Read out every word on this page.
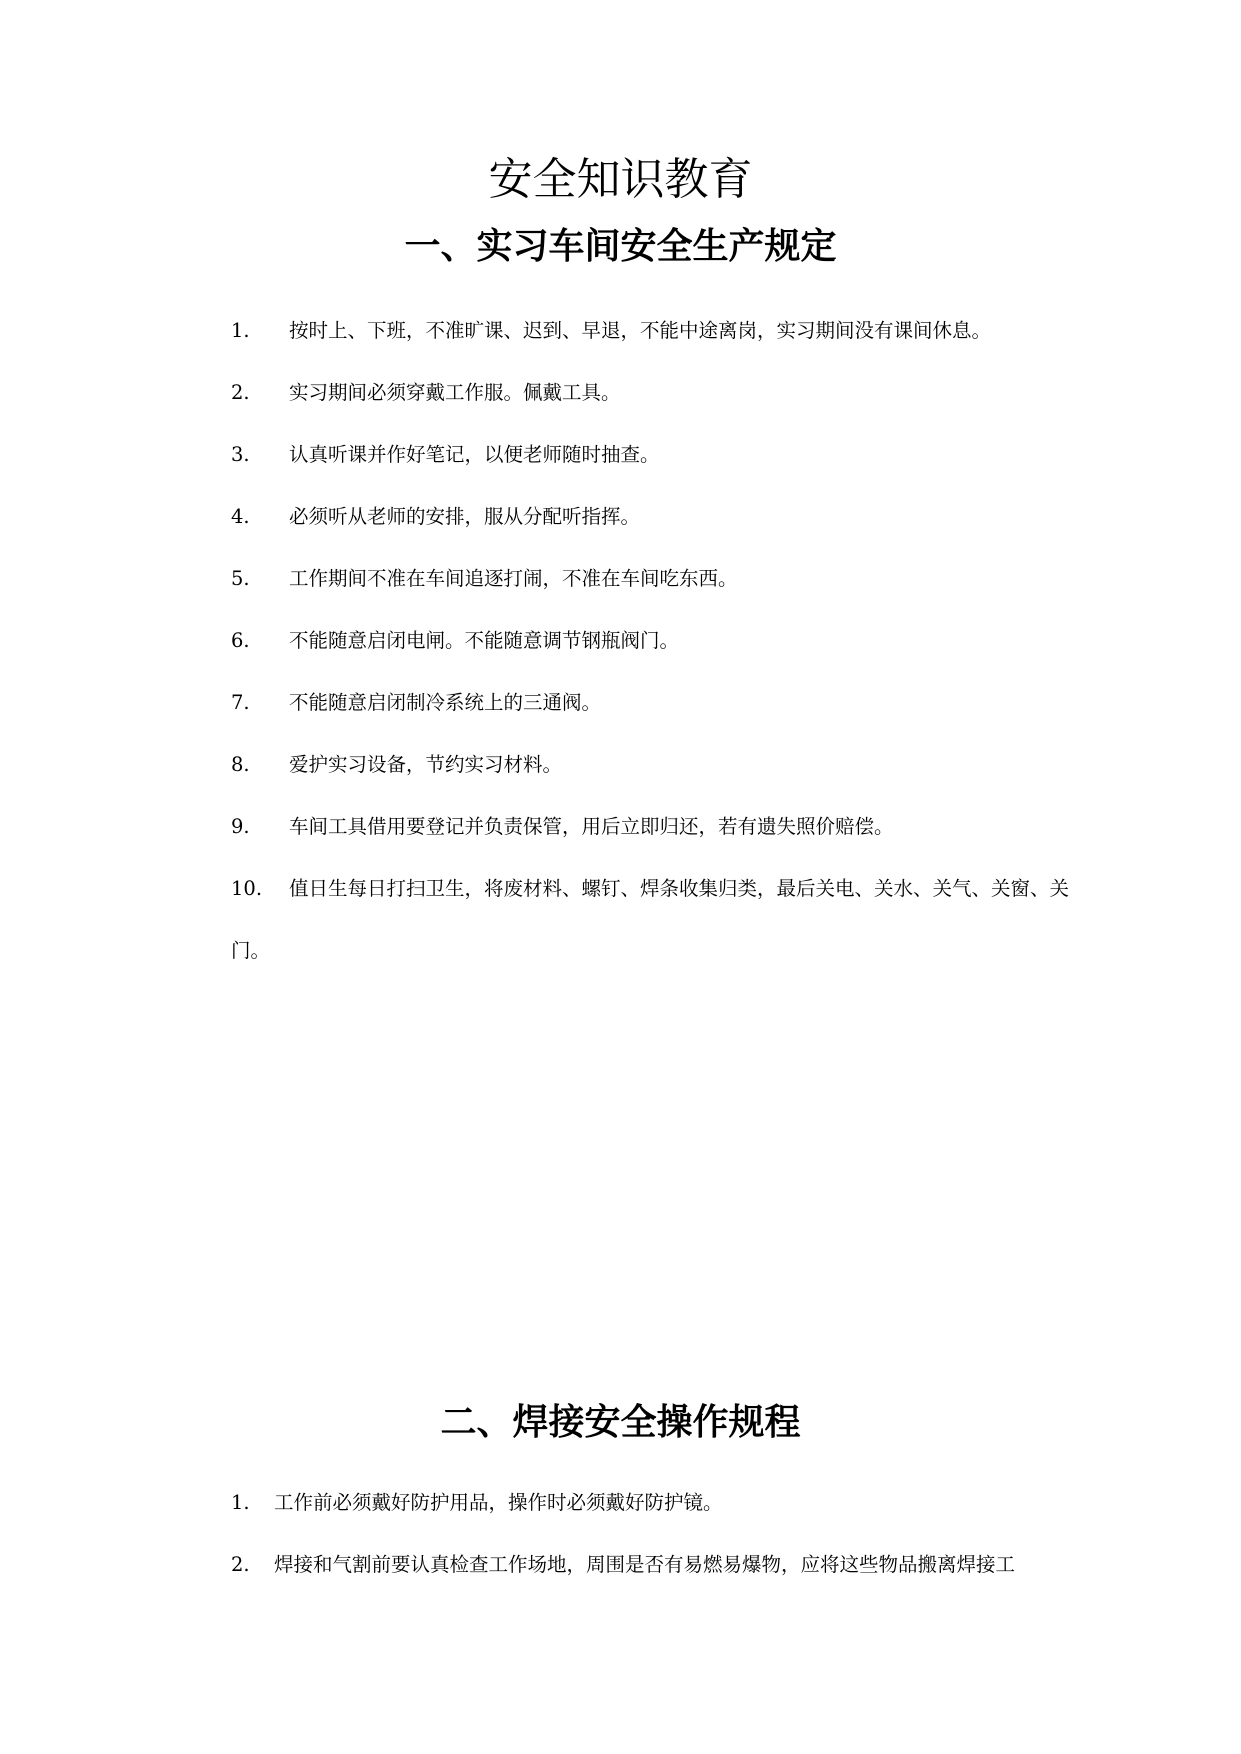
安全知识教育
一、实习车间安全生产规定
1.	按时上、下班，不准旷课、迟到、早退，不能中途离岗，实习期间没有课间休息。
2.	实习期间必须穿戴工作服。佩戴工具。
3.	认真听课并作好笔记，以便老师随时抽查。
4.	必须听从老师的安排，服从分配听指挥。
5.	工作期间不准在车间追逐打闹，不准在车间吃东西。
6.	不能随意启闭电闸。不能随意调节钢瓶阀门。
7.	不能随意启闭制冷系统上的三通阀。
8.	爱护实习设备，节约实习材料。
9.	车间工具借用要登记并负责保管，用后立即归还，若有遗失照价赔偿。
10.	值日生每日打扫卫生，将废材料、螺钉、焊条收集归类，最后关电、关水、关气、关窗、关门。
二、焊接安全操作规程
1.	工作前必须戴好防护用品，操作时必须戴好防护镜。
2.	焊接和气割前要认真检查工作场地，周围是否有易燃易爆物，应将这些物品搬离焊接工
